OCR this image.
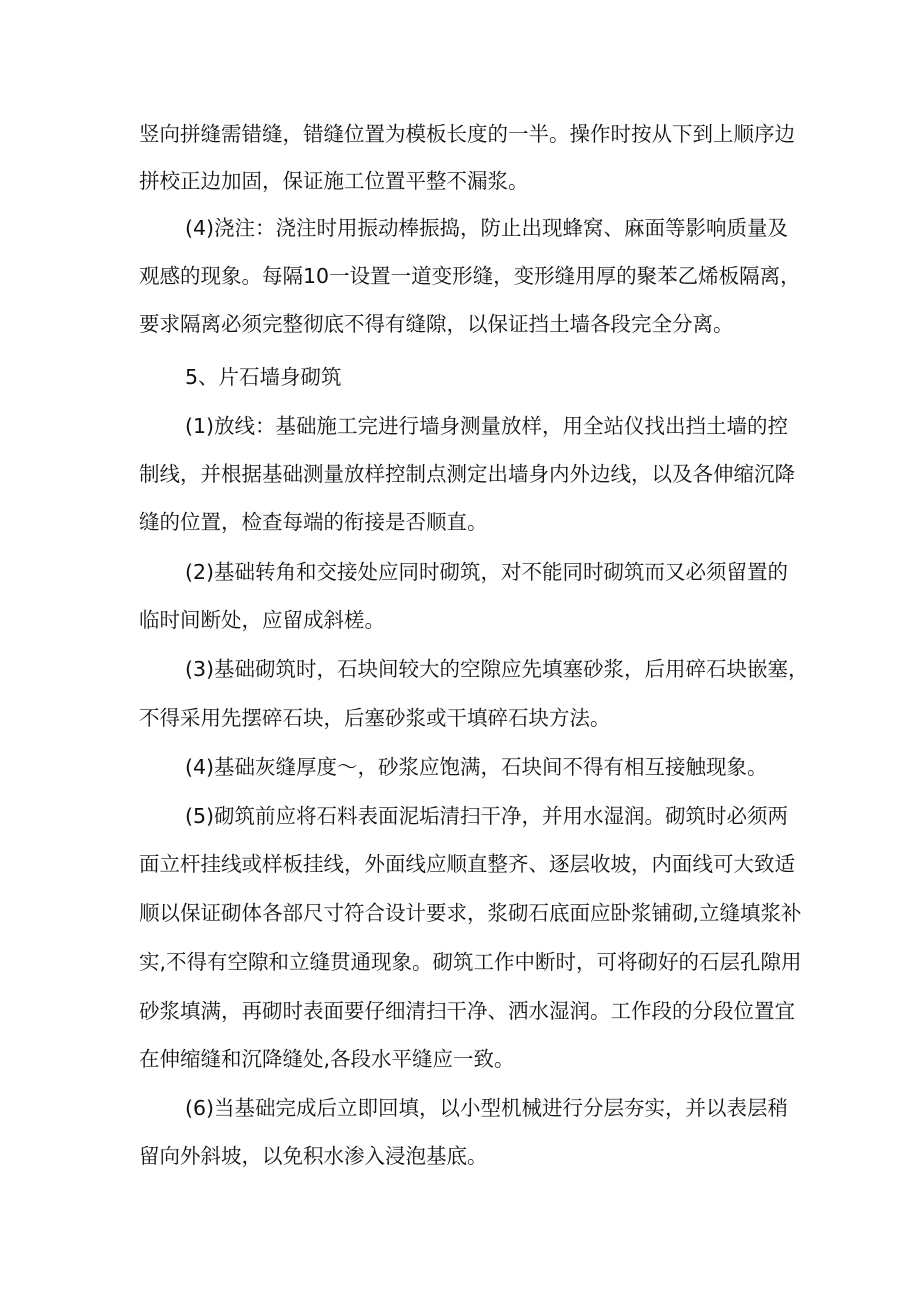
竖向拼缝需错缝，错缝位置为模板长度的一半。操作时按从下到上顺序边
拼校正边加固，保证施工位置平整不漏浆。
(4)浇注：浇注时用振动棒振捣，防止出现蜂窝、麻面等影响质量及
观感的现象。每隔10一设置一道变形缝，变形缝用厚的聚苯乙烯板隔离，
要求隔离必须完整彻底不得有缝隙，以保证挡土墙各段完全分离。
5、片石墙身砌筑
(1)放线：基础施工完进行墙身测量放样，用全站仪找出挡土墙的控
制线，并根据基础测量放样控制点测定出墙身内外边线，以及各伸缩沉降
缝的位置，检查每端的衔接是否顺直。
(2)基础转角和交接处应同时砌筑，对不能同时砌筑而又必须留置的
临时间断处，应留成斜槎。
(3)基础砌筑时，石块间较大的空隙应先填塞砂浆，后用碎石块嵌塞，
不得采用先摆碎石块，后塞砂浆或干填碎石块方法。
(4)基础灰缝厚度〜，砂浆应饱满，石块间不得有相互接触现象。
(5)砌筑前应将石料表面泥垢清扫干净，并用水湿润。砌筑时必须两
面立杆挂线或样板挂线，外面线应顺直整齐、逐层收坡，内面线可大致适
顺以保证砌体各部尺寸符合设计要求，浆砌石底面应卧浆铺砌,立缝填浆补
实,不得有空隙和立缝贯通现象。砌筑工作中断时，可将砌好的石层孔隙用
砂浆填满，再砌时表面要仔细清扫干净、洒水湿润。工作段的分段位置宜
在伸缩缝和沉降缝处,各段水平缝应一致。
(6)当基础完成后立即回填，以小型机械进行分层夯实，并以表层稍
留向外斜坡，以免积水渗入浸泡基底。
